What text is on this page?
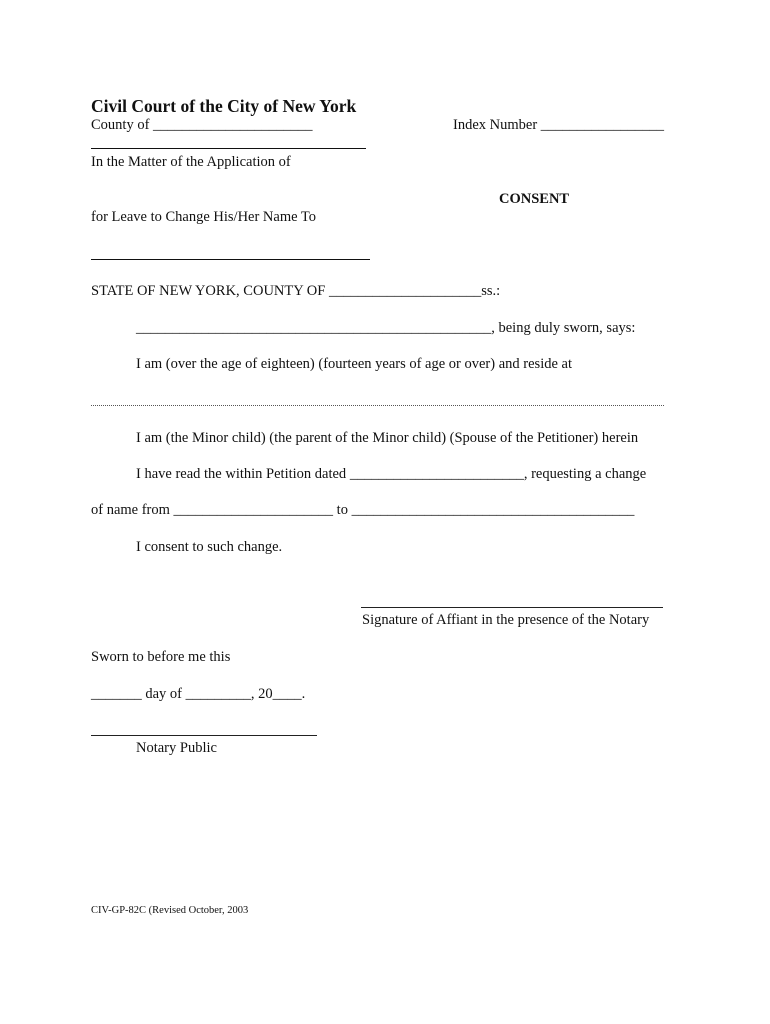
Civil Court of the City of New York
County of ______________________	Index Number _________________
In the Matter of the Application of
CONSENT
for Leave to Change His/Her Name To
STATE OF NEW YORK, COUNTY OF _____________________ss.:
_________________________________________________, being duly sworn, says:
I am (over the age of eighteen) (fourteen years of age or over) and reside at
I am (the Minor child) (the parent of the Minor child) (Spouse of the Petitioner) herein
I have read the within Petition dated ________________________, requesting a change
of name from ______________________ to _______________________________________
I consent to such change.
Signature of Affiant in the presence of the Notary
Sworn to before me this
_______ day of _________, 20____.
Notary Public
CIV-GP-82C (Revised October, 2003
